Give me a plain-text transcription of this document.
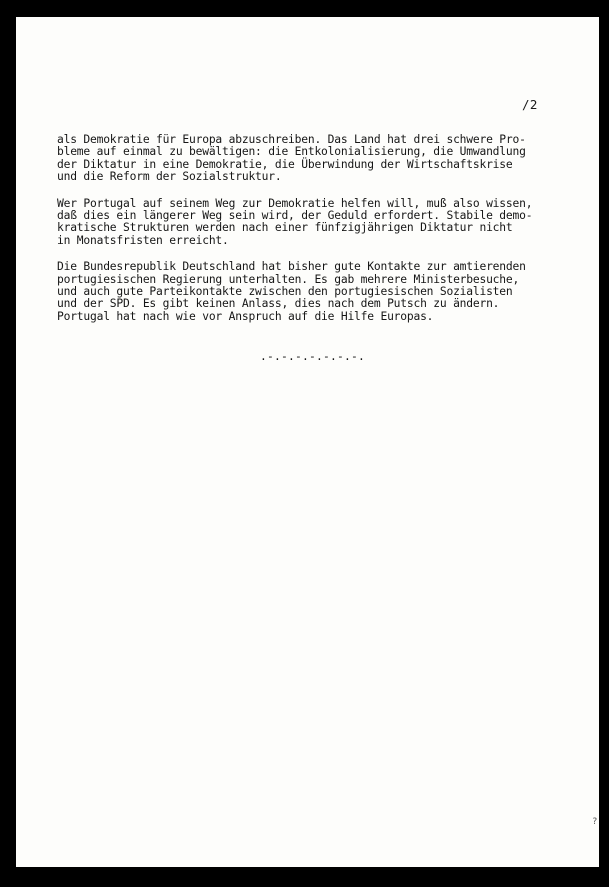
/2

als Demokratie für Europa abzuschreiben. Das Land hat drei schwere Pro-
bleme auf einmal zu bewältigen: die Entkolonialisierung, die Umwandlung
der Diktatur in eine Demokratie, die Überwindung der Wirtschaftskrise
und die Reform der Sozialstruktur.

Wer Portugal auf seinem Weg zur Demokratie helfen will, muß also wissen,
daß dies ein längerer Weg sein wird, der Geduld erfordert. Stabile demo-
kratische Strukturen werden nach einer fünfzigjährigen Diktatur nicht
in Monatsfristen erreicht.

Die Bundesrepublik Deutschland hat bisher gute Kontakte zur amtierenden
portugiesischen Regierung unterhalten. Es gab mehrere Ministerbesuche,
und auch gute Parteikontakte zwischen den portugiesischen Sozialisten
und der SPD. Es gibt keinen Anlass, dies nach dem Putsch zu ändern.
Portugal hat nach wie vor Anspruch auf die Hilfe Europas.

.-.-.-.-.-.-.-.
?
